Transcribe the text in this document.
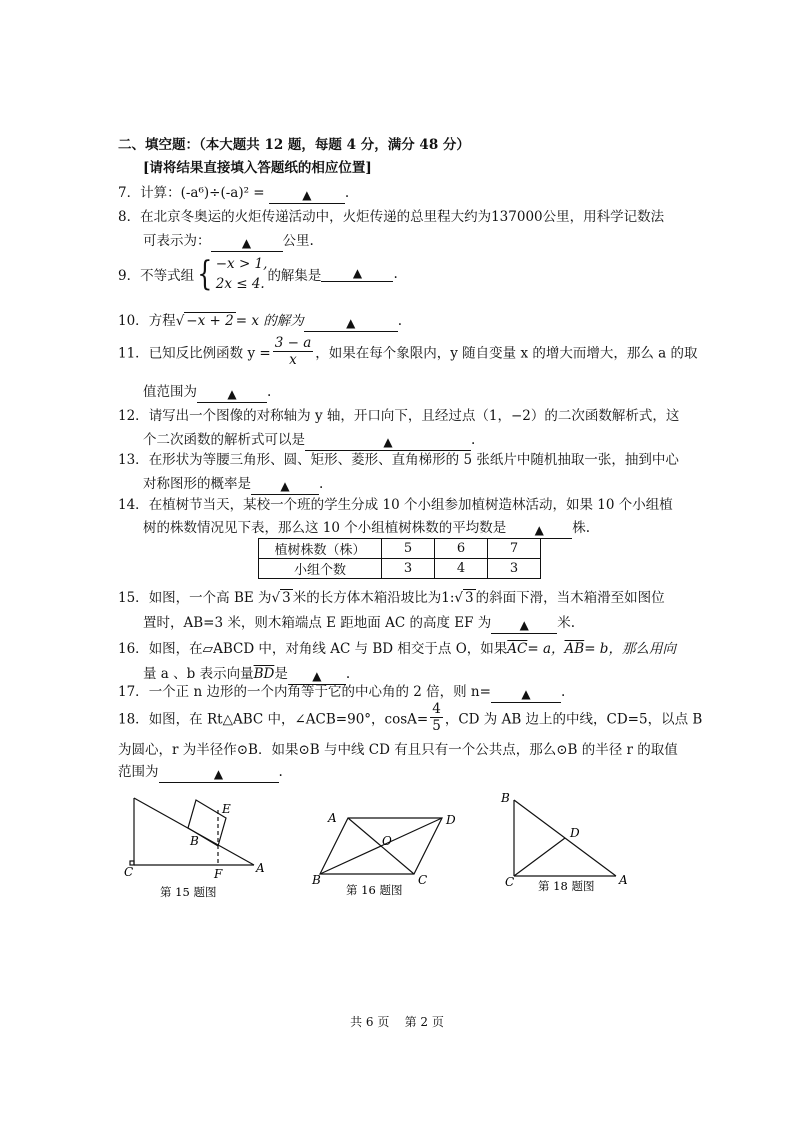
二、填空题：（本大题共 12 题，每题 4 分，满分 48 分）
[请将结果直接填入答题纸的相应位置]
7．计算：(-a⁶)÷(-a)² =	▲ .
8．在北京冬奥运的火炬传递活动中，火炬传递的总里程大约为137000公里，用科学记数法
可表示为：	▲ 公里.
9．不等式组{ −x > 1,
2x ≤ 4. 的解集是	▲ .
10．方程√ −x + 2 = x 的解为	▲	.
11．已知反比例函数 $y = \frac{3 - a}{x}$ ，如果在每个象限内，y 随自变量 x 的增大而增大，那么 a 的取
值范围为	▲ .
12．请写出一个图像的对称轴为 y 轴，开口向下，且经过点（1，−2）的二次函数解析式，这
个二次函数的解析式可以是	▲	.
13．在形状为等腰三角形、圆、矩形、菱形、直角梯形的 5 张纸片中随机抽取一张，抽到中心
对称图形的概率是 ▲ .
14．在植树节当天，某校一个班的学生分成 10 个小组参加植树造林活动，如果 10 个小组植
树的株数情况见下表，那么这 10 个小组植树株数的平均数是 ▲ 株.
植树株数（株）	5	6	7
小组个数	3	4	3
15．如图，一个高 BE 为√ 3 米的长方体木箱沿坡比为1:√ 3 的斜面下滑，当木箱滑至如图位
置时，AB=3 米，则木箱端点 E 距地面 AC 的高度 EF 为 ▲ 米.
16．如图，在▱ABCD 中，对角线 AC 与 BD 相交于点 O，如果$\overline{AC}= a$，$\overline{AB}= b$，那么用向
量 a 、b 表示向量$\overline{BD}$是 ▲ .
17．一个正 n 边形的一个内角等于它的中心角的 2 倍，则 n=	▲ .
18．如图，在 Rt△ABC 中，∠ACB=90°，$\cos A= \frac{4}{5}$ ，CD 为 AB 边上的中线，CD=5，以点 B
为圆心，r 为半径作⊙B．如果⊙B 与中线 CD 有且只有一个公共点，那么⊙B 的半径 r 的取值
范围为	▲	.
E
B
C	F	A
第 15 题图
A	D
O
B	C
第 16 题图
B
D
C	A
第 18 题图
共 6 页    第 2 页
